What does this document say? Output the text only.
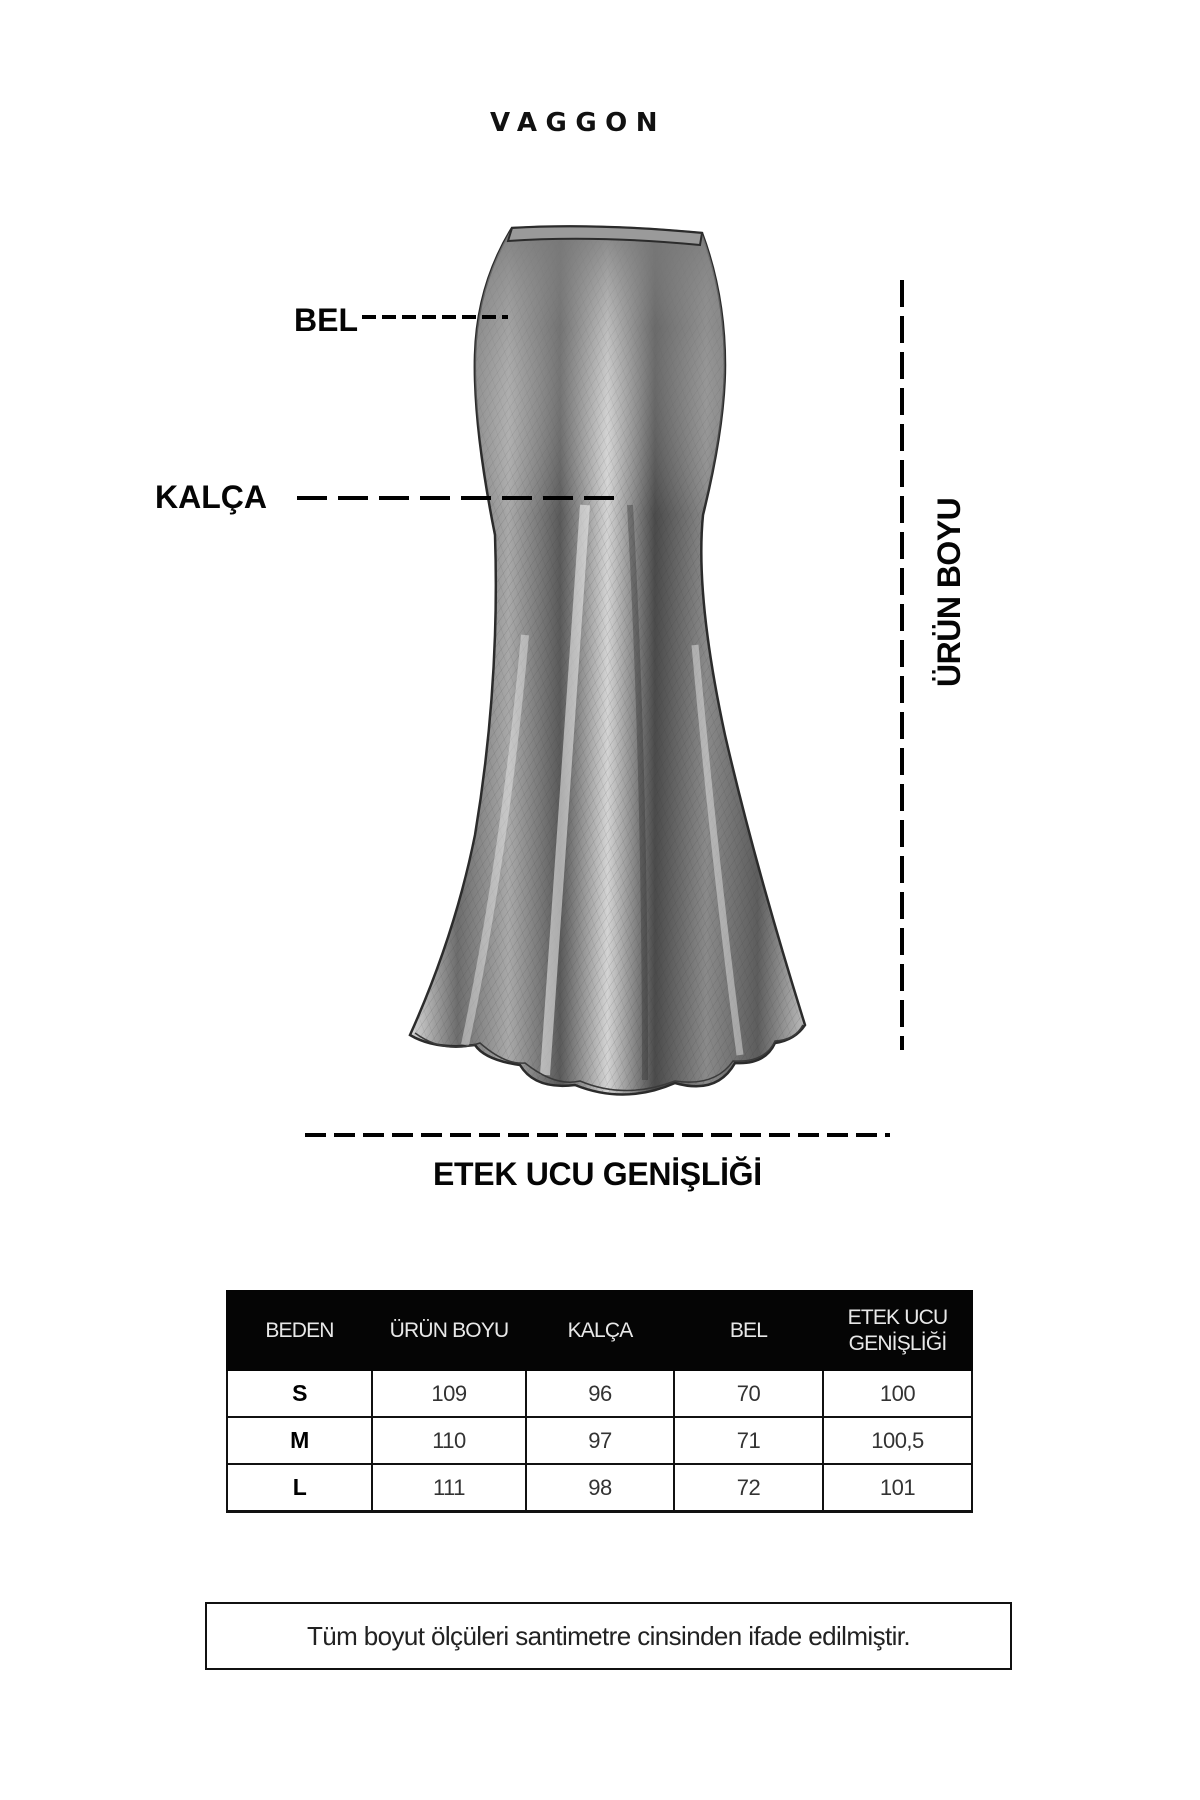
VAGGON
BEL
KALÇA
ÜRÜN BOYU
ETEK UCU GENİŞLİĞİ
BEDEN	ÜRÜN BOYU	KALÇA	BEL	ETEK UCU
GENİŞLİĞİ
S	109	96	70	100
M	110	97	71	100,5
L	111	98	72	101
Tüm boyut ölçüleri santimetre cinsinden ifade edilmiştir.
